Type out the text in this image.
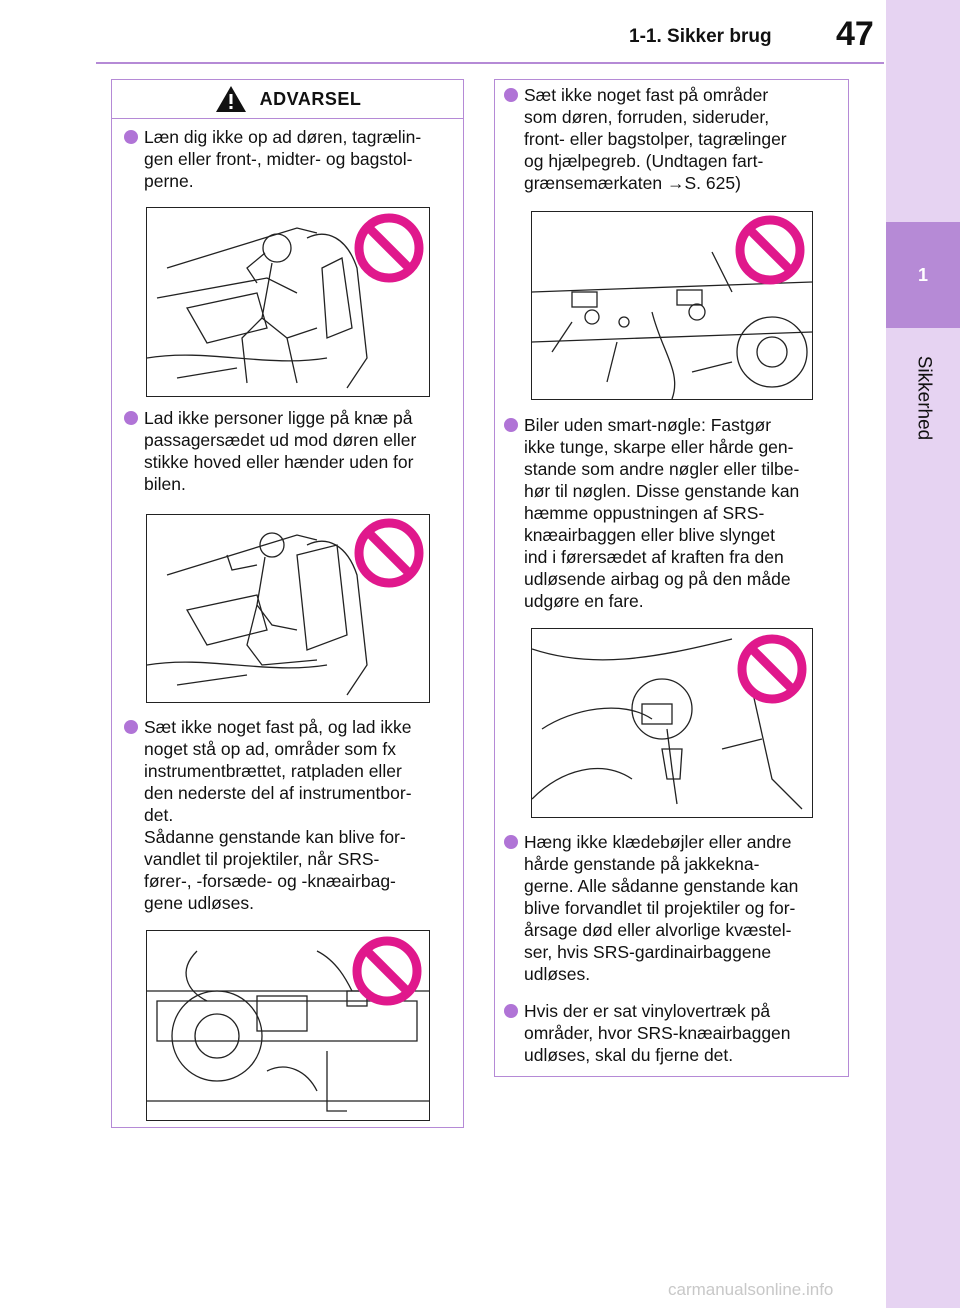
1-1. Sikker brug 47
1
Sikkerhed
ADVARSEL
Læn dig ikke op ad døren, tagrælin-
gen eller front-, midter- og bagstol-
perne.
Lad ikke personer ligge på knæ på
passagersædet ud mod døren eller
stikke hoved eller hænder uden for
bilen.
Sæt ikke noget fast på, og lad ikke
noget stå op ad, områder som fx
instrumentbrættet, ratpladen eller
den nederste del af instrumentbor-
det.
Sådanne genstande kan blive for-
vandlet til projektiler, når SRS-
fører-, -forsæde- og -knæairbag-
gene udløses.
Sæt ikke noget fast på områder
som døren, forruden, sideruder,
front- eller bagstolper, tagrælinger
og hjælpegreb. (Undtagen fart-
grænsemærkaten →S. 625)
Biler uden smart-nøgle: Fastgør
ikke tunge, skarpe eller hårde gen-
stande som andre nøgler eller tilbe-
hør til nøglen. Disse genstande kan
hæmme oppustningen af SRS-
knæairbaggen eller blive slynget
ind i førersædet af kraften fra den
udløsende airbag og på den måde
udgøre en fare.
Hæng ikke klædebøjler eller andre
hårde genstande på jakkekna-
gerne. Alle sådanne genstande kan
blive forvandlet til projektiler og for-
årsage død eller alvorlige kvæstel-
ser, hvis SRS-gardinairbaggene
udløses.
Hvis der er sat vinylovertræk på
områder, hvor SRS-knæairbaggen
udløses, skal du fjerne det.
carmanualsonline.info
